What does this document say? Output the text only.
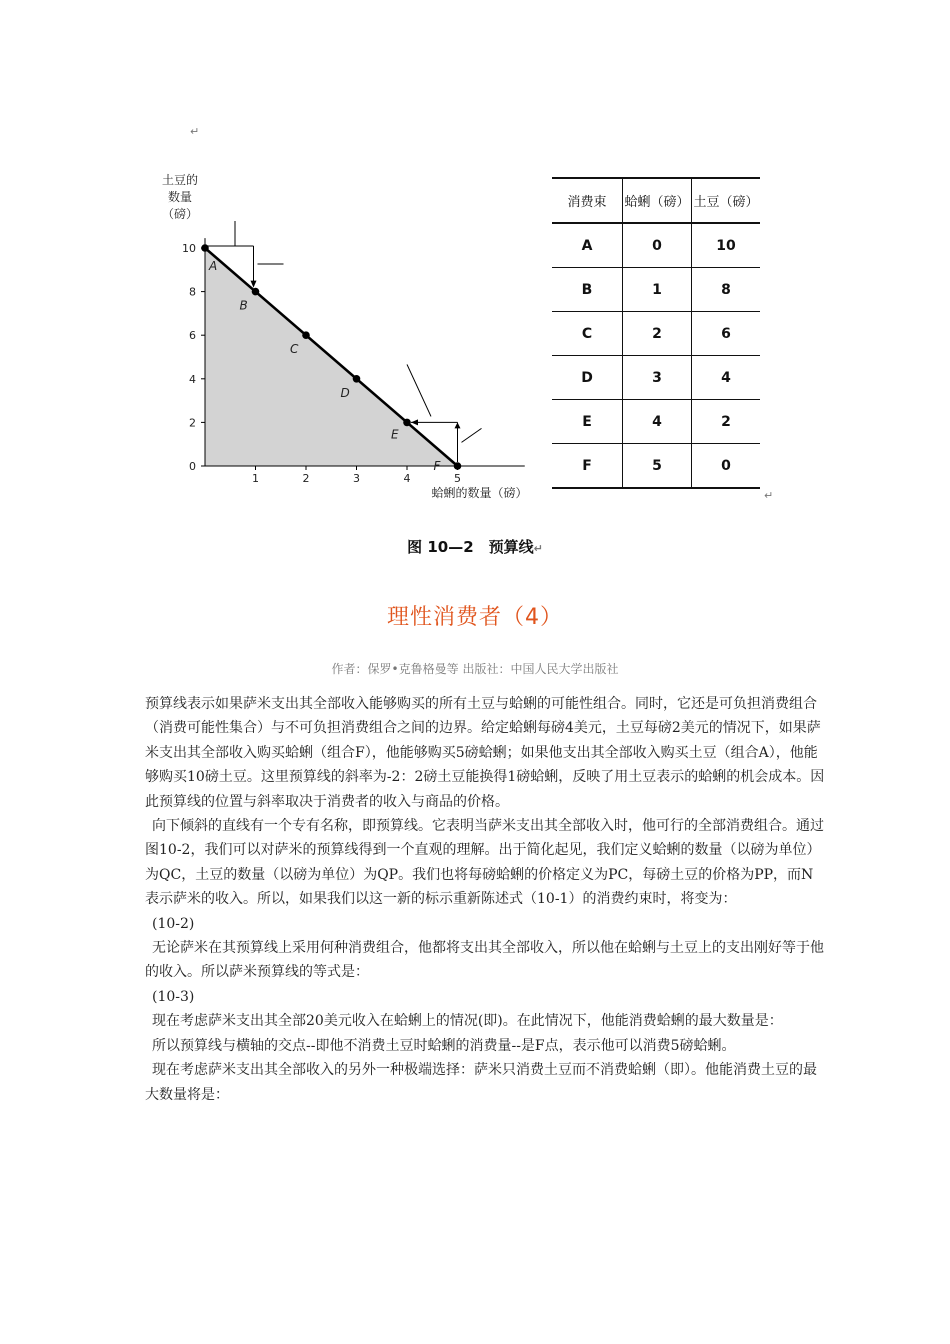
↵
↵
1	2	3	4	5
0
2
4
6
8
10
A
B
C
D
E
F
土豆的
数量
（磅）
蛤蜊的数量（磅）
消费束	蛤蜊（磅）	土豆（磅）
A	0	10
B	1	8
C	2	6
D	3	4
E	4	2
F	5	0
图 10—2　预算线↵
理性消费者（4）
作者：保罗•克鲁格曼等 出版社：中国人民大学出版社

预算线表示如果萨米支出其全部收入能够购买的所有土豆与蛤蜊的可能性组合。同时，它还是可负担消费组合（消费可能性集合）与不可负担消费组合之间的边界。给定蛤蜊每磅4美元，土豆每磅2美元的情况下，如果萨米支出其全部收入购买蛤蜊（组合F），他能够购买5磅蛤蜊；如果他支出其全部收入购买土豆（组合A），他能够购买10磅土豆。这里预算线的斜率为-2：2磅土豆能换得1磅蛤蜊，反映了用土豆表示的蛤蜊的机会成本。因此预算线的位置与斜率取决于消费者的收入与商品的价格。

向下倾斜的直线有一个专有名称，即预算线。它表明当萨米支出其全部收入时，他可行的全部消费组合。通过图10-2，我们可以对萨米的预算线得到一个直观的理解。出于简化起见，我们定义蛤蜊的数量（以磅为单位）为QC，土豆的数量（以磅为单位）为QP。我们也将每磅蛤蜊的价格定义为PC，每磅土豆的价格为PP，而N表示萨米的收入。所以，如果我们以这一新的标示重新陈述式（10-1）的消费约束时，将变为：

(10-2)

无论萨米在其预算线上采用何种消费组合，他都将支出其全部收入，所以他在蛤蜊与土豆上的支出刚好等于他的收入。所以萨米预算线的等式是：

(10-3)

现在考虑萨米支出其全部20美元收入在蛤蜊上的情况(即)。在此情况下，他能消费蛤蜊的最大数量是：

所以预算线与横轴的交点--即他不消费土豆时蛤蜊的消费量--是F点，表示他可以消费5磅蛤蜊。

现在考虑萨米支出其全部收入的另外一种极端选择：萨米只消费土豆而不消费蛤蜊（即）。他能消费土豆的最大数量将是：
